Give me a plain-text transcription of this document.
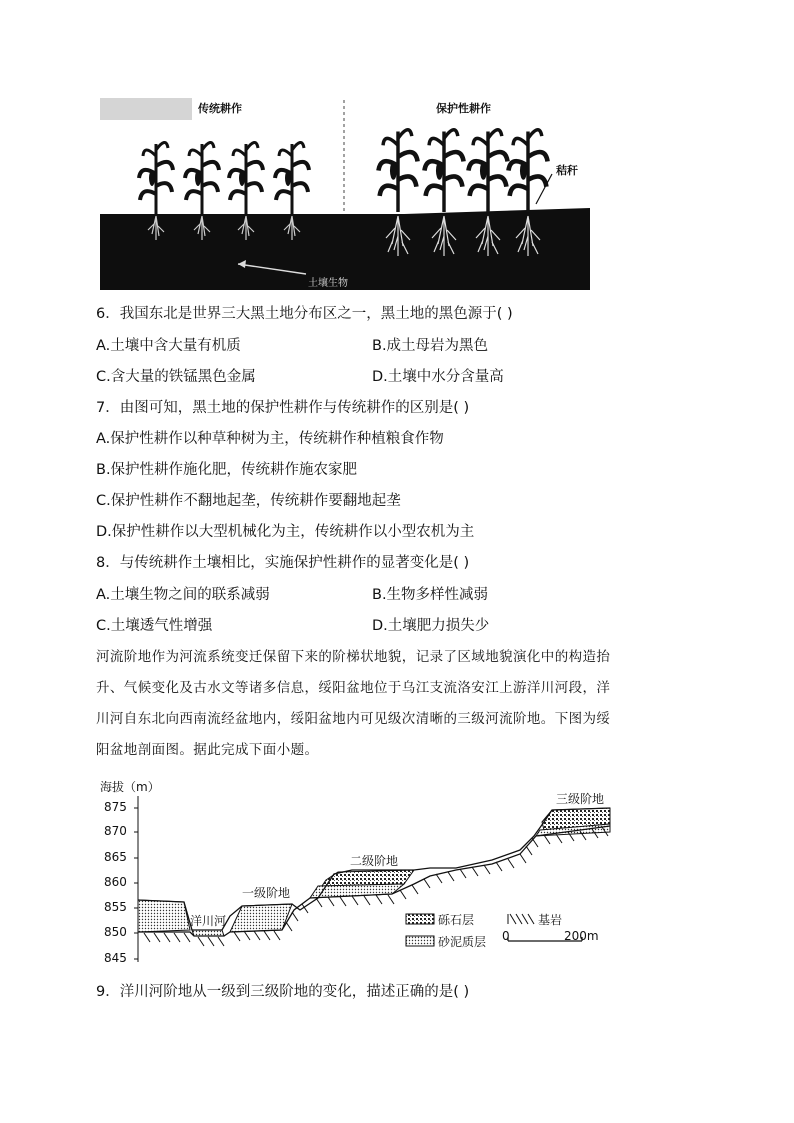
传统耕作	保护性耕作
秸秆
土壤生物
6．我国东北是世界三大黑土地分布区之一，黑土地的黑色源于( )
A.土壤中含大量有机质	B.成土母岩为黑色
C.含大量的铁锰黑色金属	D.土壤中水分含量高
7．由图可知，黑土地的保护性耕作与传统耕作的区别是( )
A.保护性耕作以种草种树为主，传统耕作种植粮食作物
B.保护性耕作施化肥，传统耕作施农家肥
C.保护性耕作不翻地起垄，传统耕作要翻地起垄
D.保护性耕作以大型机械化为主，传统耕作以小型农机为主
8．与传统耕作土壤相比，实施保护性耕作的显著变化是( )
A.土壤生物之间的联系减弱	B.生物多样性减弱
C.土壤透气性增强	D.土壤肥力损失少
河流阶地作为河流系统变迁保留下来的阶梯状地貌，记录了区域地貌演化中的构造抬
升、气候变化及古水文等诸多信息，绥阳盆地位于乌江支流洛安江上游洋川河段，洋
川河自东北向西南流经盆地内，绥阳盆地内可见级次清晰的三级河流阶地。下图为绥
阳盆地剖面图。据此完成下面小题。
海拔（m）
875
870
865
860
855
850
845
洋川河
一级阶地
二级阶地
三级阶地
砾石层	基岩
砂泥质层 0	200m
9．洋川河阶地从一级到三级阶地的变化，描述正确的是( )
